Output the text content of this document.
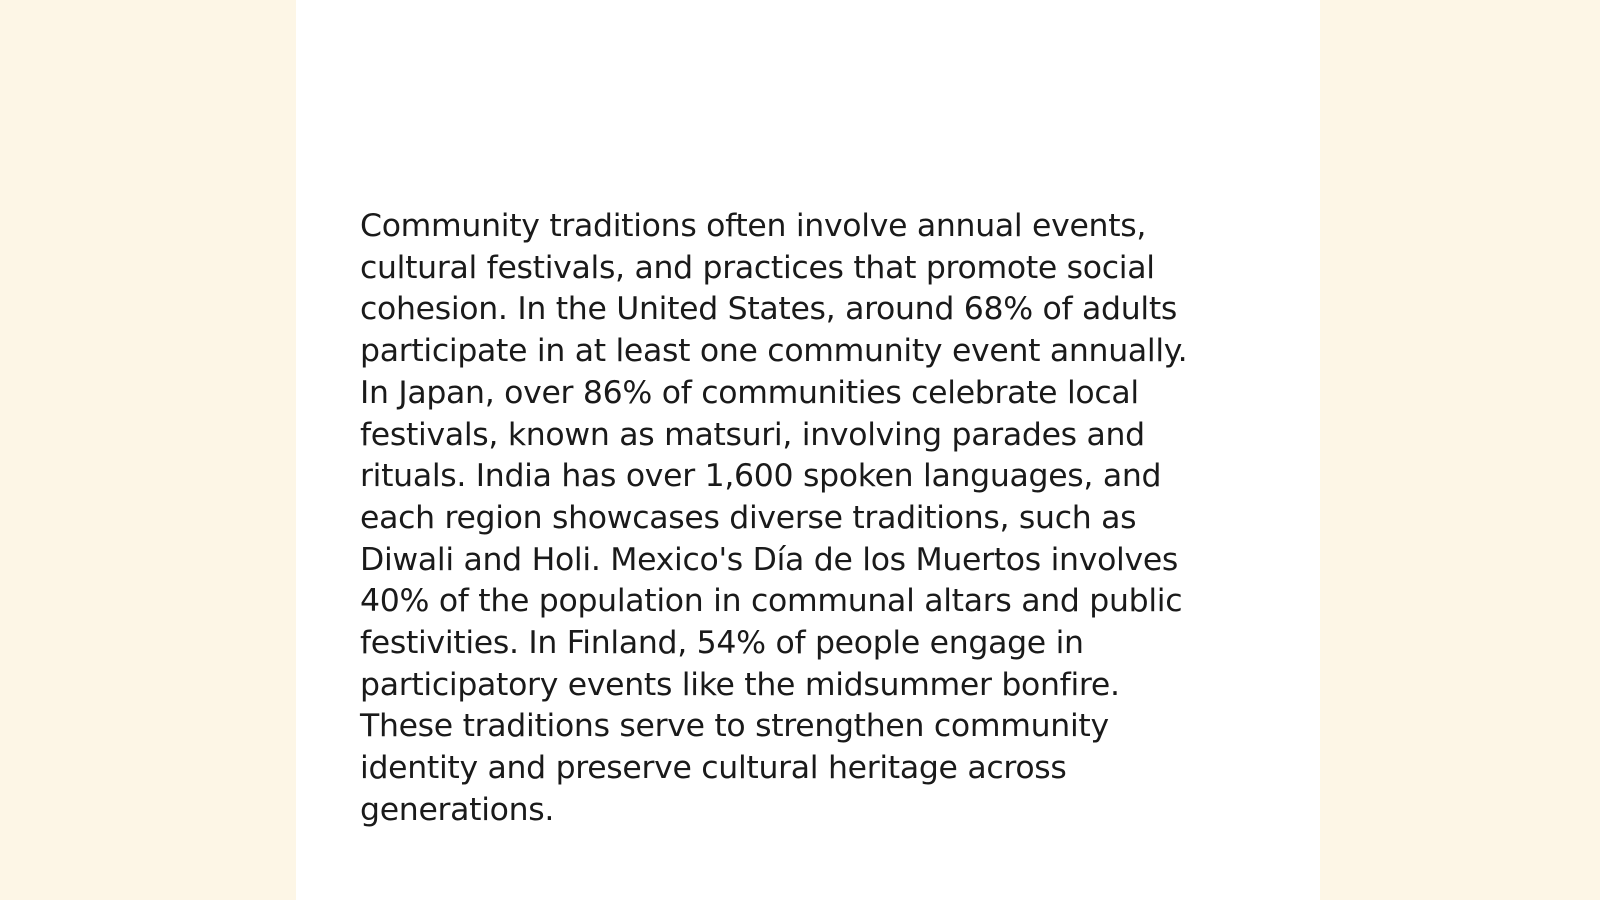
Community traditions often involve annual events,
cultural festivals, and practices that promote social
cohesion. In the United States, around 68% of adults
participate in at least one community event annually.
In Japan, over 86% of communities celebrate local
festivals, known as matsuri, involving parades and
rituals. India has over 1,600 spoken languages, and
each region showcases diverse traditions, such as
Diwali and Holi. Mexico's Día de los Muertos involves
40% of the population in communal altars and public
festivities. In Finland, 54% of people engage in
participatory events like the midsummer bonfire.
These traditions serve to strengthen community
identity and preserve cultural heritage across
generations.
